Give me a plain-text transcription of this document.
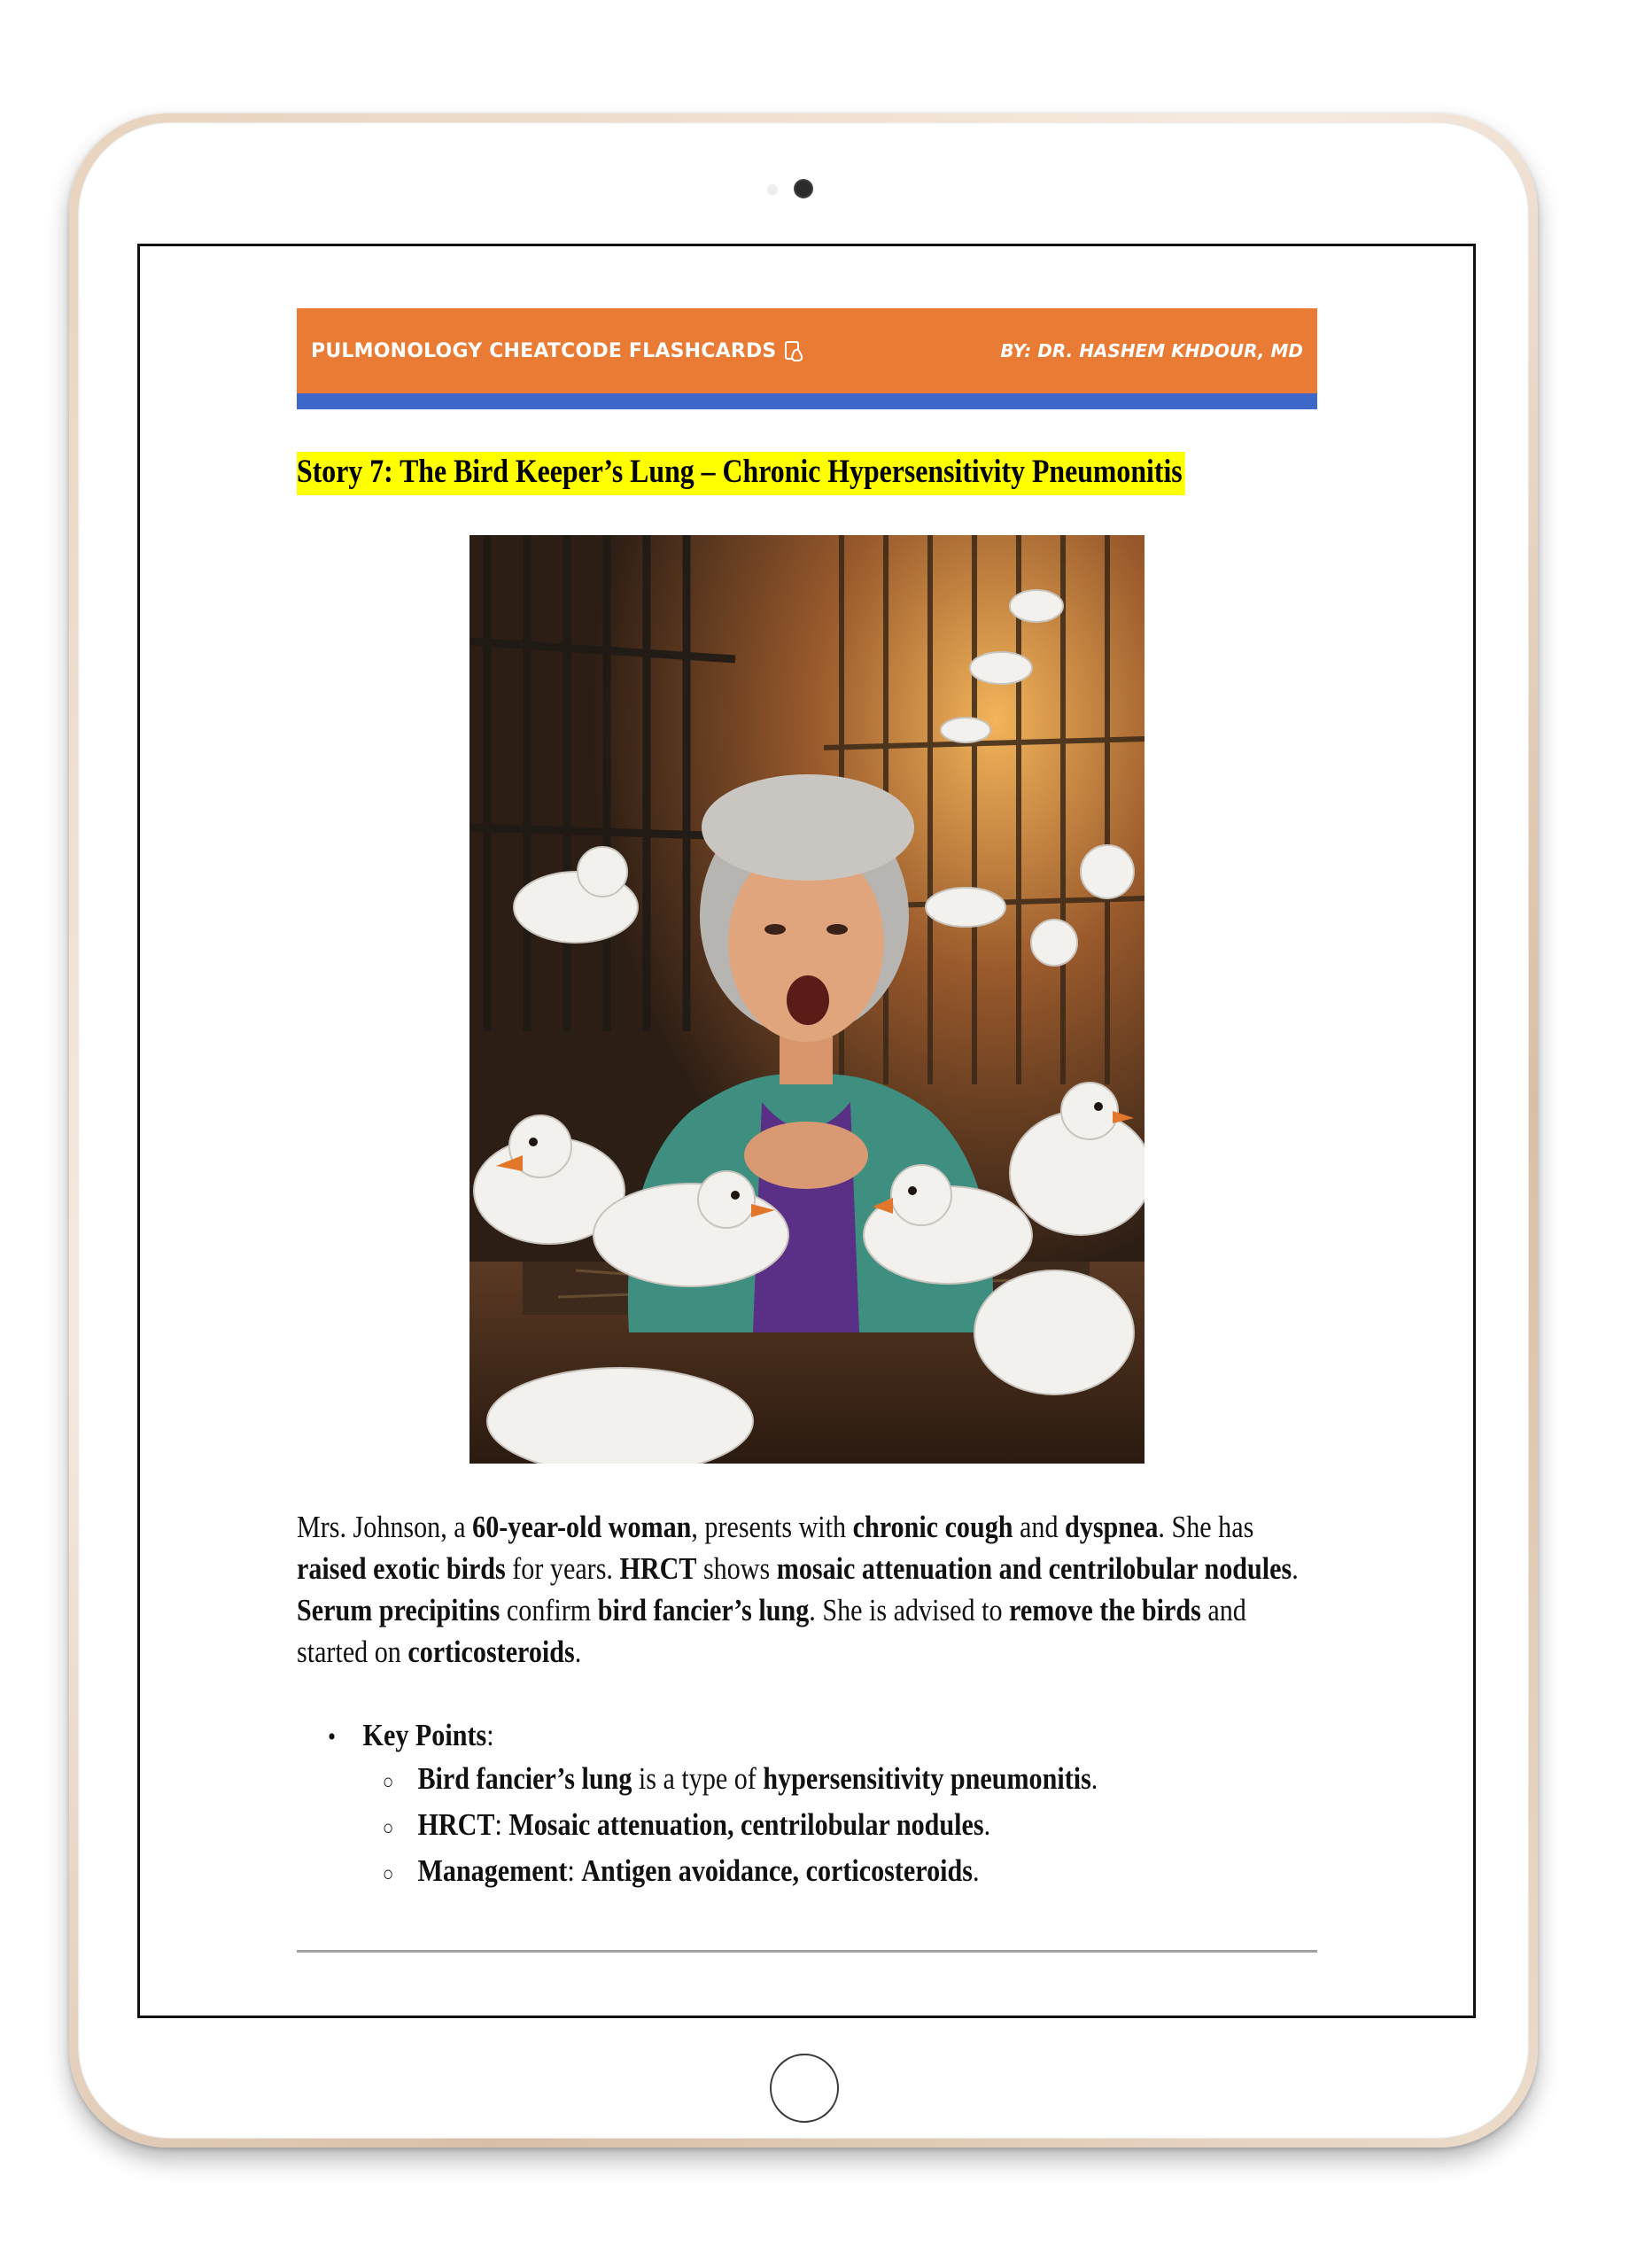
PULMONOLOGY CHEATCODE FLASHCARDS	BY: DR. HASHEM KHDOUR, MD
Story 7: The Bird Keeper’s Lung – Chronic Hypersensitivity Pneumonitis
Mrs. Johnson, a 60-year-old woman, presents with chronic cough and dyspnea. She has raised exotic birds for years. HRCT shows mosaic attenuation and centrilobular nodules. Serum precipitins confirm bird fancier’s lung. She is advised to remove the birds and started on corticosteroids.
• Key Points:
○ Bird fancier’s lung is a type of hypersensitivity pneumonitis.
○ HRCT: Mosaic attenuation, centrilobular nodules.
○ Management: Antigen avoidance, corticosteroids.
